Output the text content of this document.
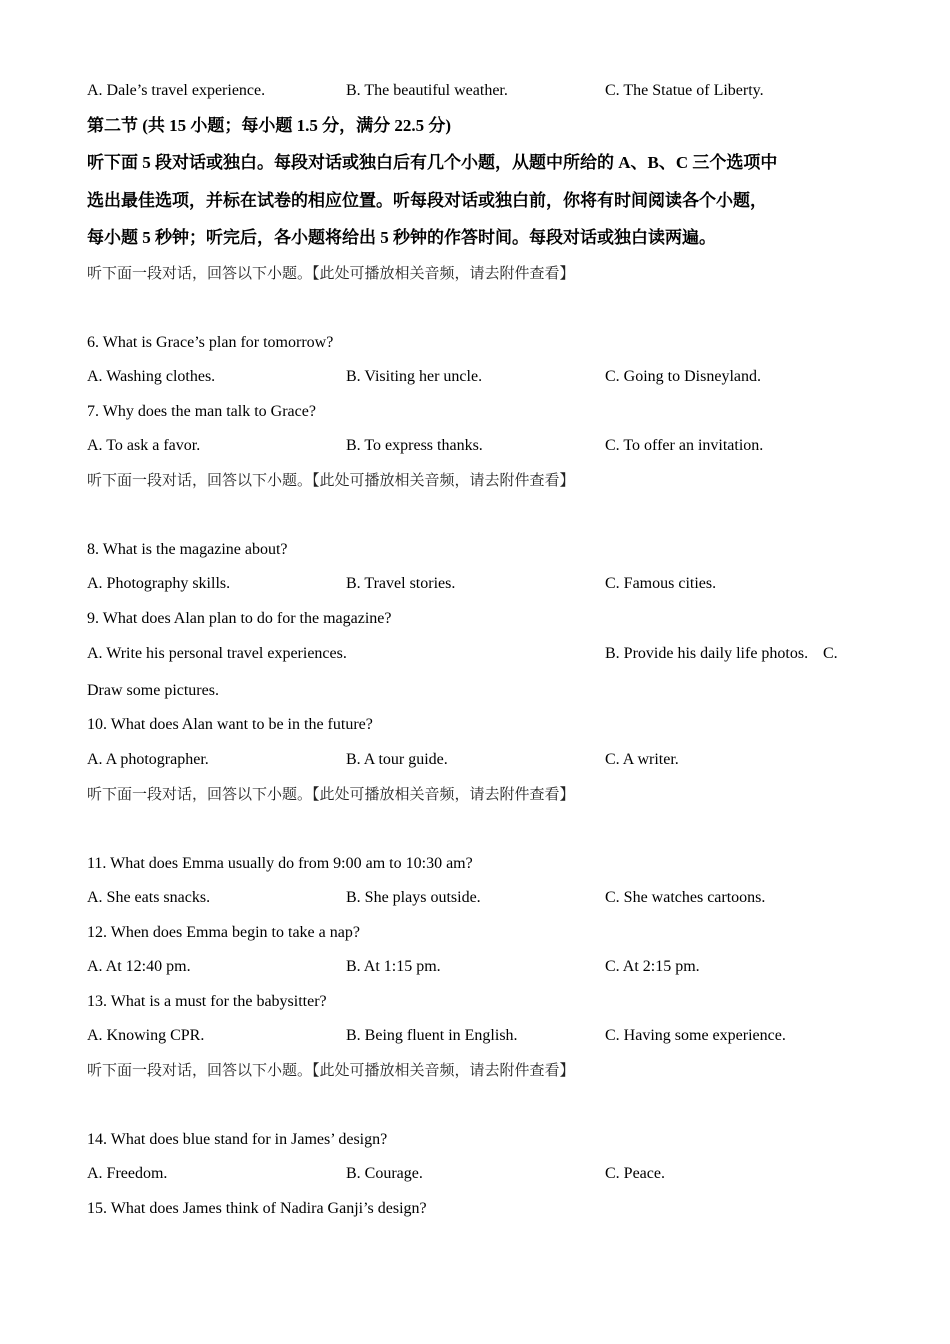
A. Dale’s travel experience.	B. The beautiful weather.	C. The Statue of Liberty.
第二节 (共 15 小题；每小题 1.5 分，满分 22.5 分)
听下面 5 段对话或独白。每段对话或独白后有几个小题，从题中所给的 A、B、C 三个选项中
选出最佳选项，并标在试卷的相应位置。听每段对话或独白前，你将有时间阅读各个小题，
每小题 5 秒钟；听完后，各小题将给出 5 秒钟的作答时间。每段对话或独白读两遍。
听下面一段对话，回答以下小题。【此处可播放相关音频，请去附件查看】
6. What is Grace’s plan for tomorrow?
A. Washing clothes.	B. Visiting her uncle.	C. Going to Disneyland.
7. Why does the man talk to Grace?
A. To ask a favor.	B. To express thanks.	C. To offer an invitation.
听下面一段对话，回答以下小题。【此处可播放相关音频，请去附件查看】
8. What is the magazine about?
A. Photography skills.	B. Travel stories.	C. Famous cities.
9. What does Alan plan to do for the magazine?
A. Write his personal travel experiences.	B. Provide his daily life photos. C.
Draw some pictures.
10. What does Alan want to be in the future?
A. A photographer.	B. A tour guide.	C. A writer.
听下面一段对话，回答以下小题。【此处可播放相关音频，请去附件查看】
11. What does Emma usually do from 9:00 am to 10:30 am?
A. She eats snacks.	B. She plays outside.	C. She watches cartoons.
12. When does Emma begin to take a nap?
A. At 12:40 pm.	B. At 1:15 pm.	C. At 2:15 pm.
13. What is a must for the babysitter?
A. Knowing CPR.	B. Being fluent in English.	C. Having some experience.
听下面一段对话，回答以下小题。【此处可播放相关音频，请去附件查看】
14. What does blue stand for in James’ design?
A. Freedom.	B. Courage.	C. Peace.
15. What does James think of Nadira Ganji’s design?
